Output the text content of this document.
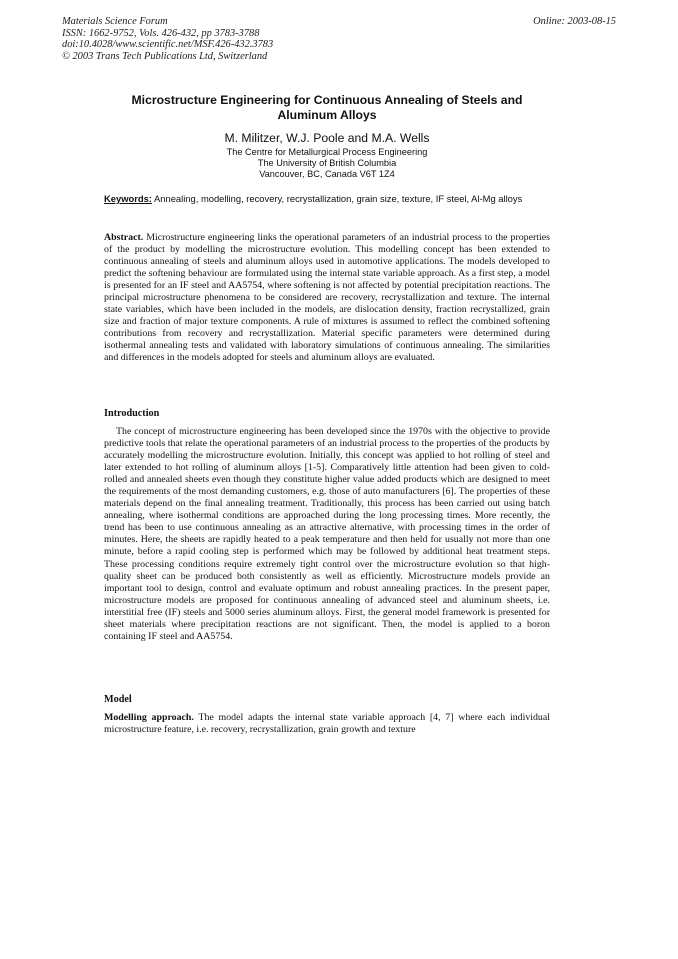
Materials Science Forum
ISSN: 1662-9752, Vols. 426-432, pp 3783-3788
doi:10.4028/www.scientific.net/MSF.426-432.3783
© 2003 Trans Tech Publications Ltd, Switzerland
Online: 2003-08-15
Microstructure Engineering for Continuous Annealing of Steels and Aluminum Alloys
M. Militzer, W.J. Poole and M.A. Wells
The Centre for Metallurgical Process Engineering
The University of British Columbia
Vancouver, BC, Canada V6T 1Z4
Keywords: Annealing, modelling, recovery, recrystallization, grain size, texture, IF steel, Al-Mg alloys
Abstract. Microstructure engineering links the operational parameters of an industrial process to the properties of the product by modelling the microstructure evolution. This modelling concept has been extended to continuous annealing of steels and aluminum alloys used in automotive applications. The models developed to predict the softening behaviour are formulated using the internal state variable approach. As a first step, a model is presented for an IF steel and AA5754, where softening is not affected by potential precipitation reactions. The principal microstructure phenomena to be considered are recovery, recrystallization and texture. The internal state variables, which have been included in the models, are dislocation density, fraction recrystallized, grain size and fraction of major texture components. A rule of mixtures is assumed to reflect the combined softening contributions from recovery and recrystallization. Material specific parameters were determined during isothermal annealing tests and validated with laboratory simulations of continuous annealing. The similarities and differences in the models adopted for steels and aluminum alloys are evaluated.
Introduction
The concept of microstructure engineering has been developed since the 1970s with the objective to provide predictive tools that relate the operational parameters of an industrial process to the properties of the products by accurately modelling the microstructure evolution. Initially, this concept was applied to hot rolling of steel and later extended to hot rolling of aluminum alloys [1-5]. Comparatively little attention had been given to cold-rolled and annealed sheets even though they constitute higher value added products which are designed to meet the requirements of the most demanding customers, e.g. those of auto manufacturers [6]. The properties of these materials depend on the final annealing treatment. Traditionally, this process has been carried out using batch annealing, where isothermal conditions are approached during the long processing times. More recently, the trend has been to use continuous annealing as an attractive alternative, with processing times in the order of minutes. Here, the sheets are rapidly heated to a peak temperature and then held for usually not more than one minute, before a rapid cooling step is performed which may be followed by additional heat treatment steps. These processing conditions require extremely tight control over the microstructure evolution so that high-quality sheet can be produced both consistently as well as efficiently. Microstructure models provide an important tool to design, control and evaluate optimum and robust annealing practices. In the present paper, microstructure models are proposed for continuous annealing of advanced steel and aluminum sheets, i.e. interstitial free (IF) steels and 5000 series aluminum alloys. First, the general model framework is presented for sheet materials where precipitation reactions are not significant. Then, the model is applied to a boron containing IF steel and AA5754.
Model
Modelling approach. The model adapts the internal state variable approach [4, 7] where each individual microstructure feature, i.e. recovery, recrystallization, grain growth and texture
